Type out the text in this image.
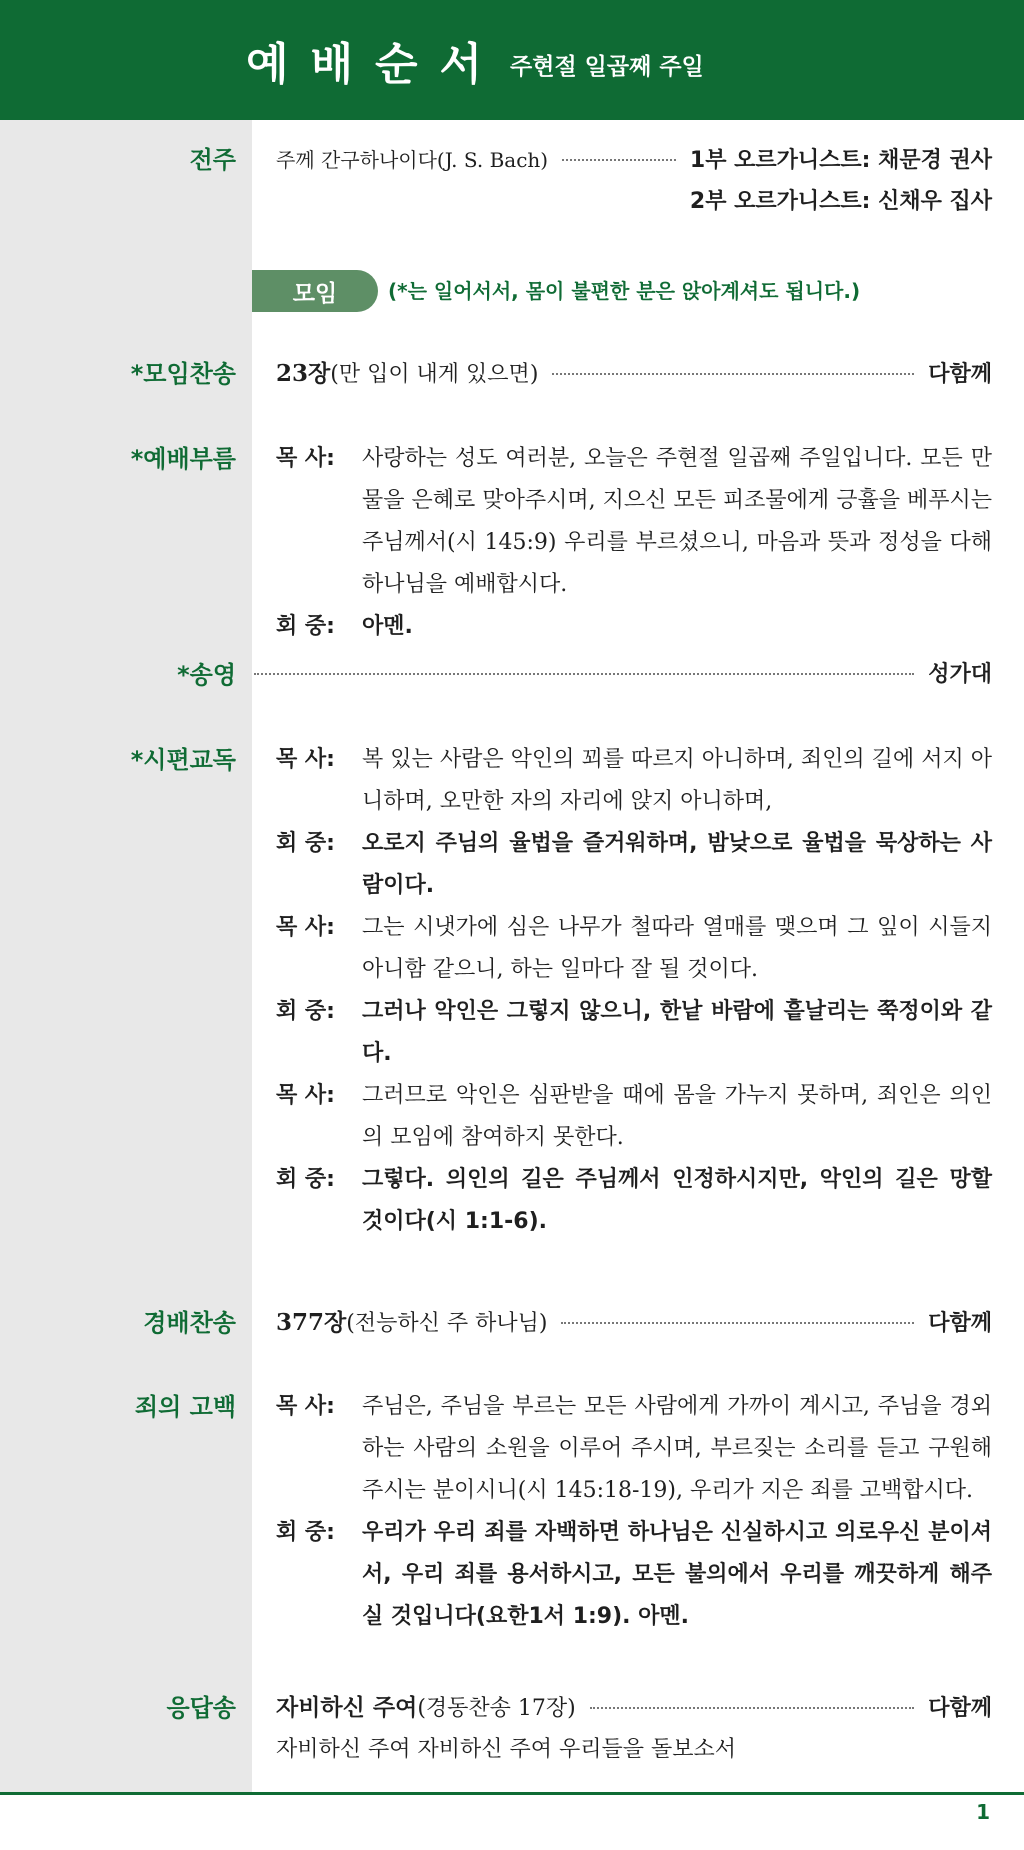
예배순서 주현절 일곱째 주일
전주 주께 간구하나이다(J. S. Bach)	1부 오르가니스트: 채문경 권사
2부 오르가니스트: 신채우 집사
모임	(*는 일어서서, 몸이 불편한 분은 앉아계셔도 됩니다.)
*모임찬송 23장(만 입이 내게 있으면)	다함께
*예배부름 목 사:	사랑하는 성도 여러분, 오늘은 주현절 일곱째 주일입니다. 모든 만물을 은혜로 맞아주시며, 지으신 모든 피조물에게 긍휼을 베푸시는 주님께서(시 145:9) 우리를 부르셨으니, 마음과 뜻과 정성을 다해 하나님을 예배합시다.
회 중:	아멘.
*송영	성가대
*시편교독 목 사:	복 있는 사람은 악인의 꾀를 따르지 아니하며, 죄인의 길에 서지 아니하며, 오만한 자의 자리에 앉지 아니하며,
회 중:	오로지 주님의 율법을 즐거워하며, 밤낮으로 율법을 묵상하는 사람이다.
목 사:	그는 시냇가에 심은 나무가 철따라 열매를 맺으며 그 잎이 시들지 아니함 같으니, 하는 일마다 잘 될 것이다.
회 중:	그러나 악인은 그렇지 않으니, 한낱 바람에 흩날리는 쭉정이와 같다.
목 사:	그러므로 악인은 심판받을 때에 몸을 가누지 못하며, 죄인은 의인의 모임에 참여하지 못한다.
회 중:	그렇다. 의인의 길은 주님께서 인정하시지만, 악인의 길은 망할 것이다(시 1:1-6).
경배찬송 377장(전능하신 주 하나님)	다함께
죄의 고백 목 사:	주님은, 주님을 부르는 모든 사람에게 가까이 계시고, 주님을 경외하는 사람의 소원을 이루어 주시며, 부르짖는 소리를 듣고 구원해 주시는 분이시니(시 145:18-19), 우리가 지은 죄를 고백합시다.
회 중:	우리가 우리 죄를 자백하면 하나님은 신실하시고 의로우신 분이셔서, 우리 죄를 용서하시고, 모든 불의에서 우리를 깨끗하게 해주실 것입니다(요한1서 1:9). 아멘.
응답송 자비하신 주여(경동찬송 17장)	다함께
자비하신 주여 자비하신 주여 우리들을 돌보소서
1
